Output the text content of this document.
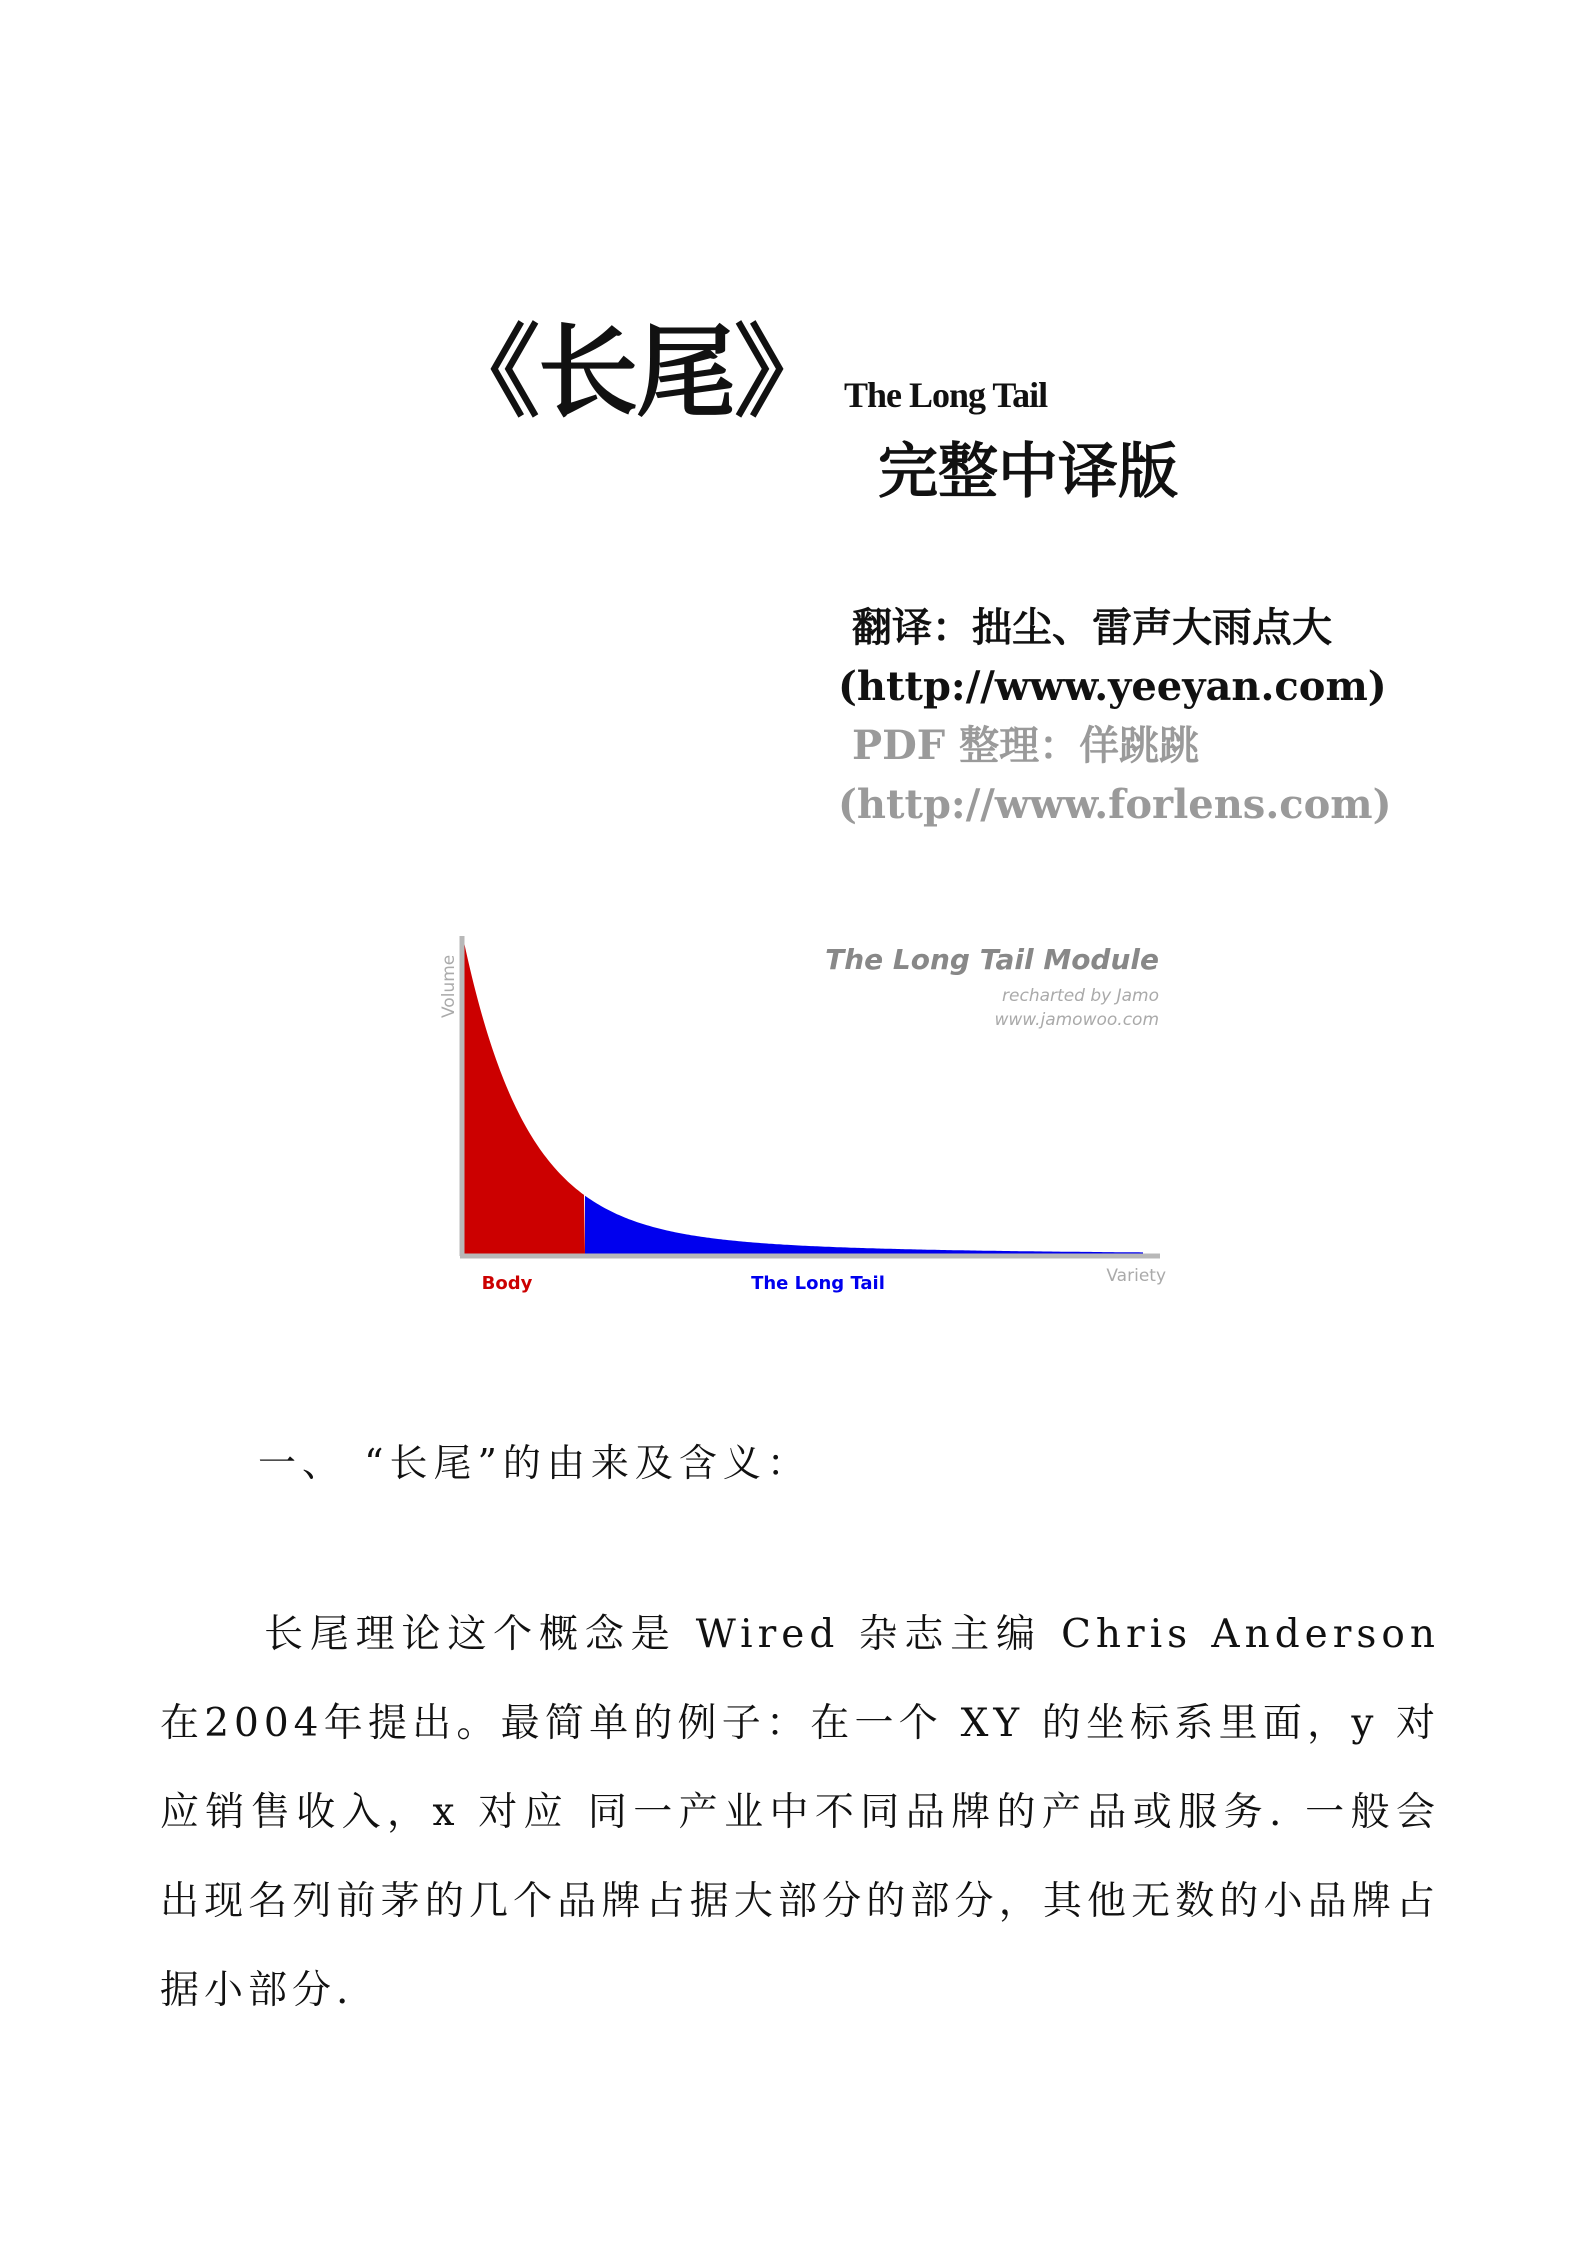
《长尾》 The Long Tail
完整中译版
翻译：拙尘、雷声大雨点大
(http://www.yeeyan.com)
PDF 整理：佯跳跳
(http://www.forlens.com)
Volume
Variety
The Long Tail Module
recharted by Jamo
www.jamowoo.com
Body	The Long Tail
一、 “长尾”的由来及含义：

长尾理论这个概念是 Wired 杂志主编 Chris Anderson 在2004年提出。最简单的例子：在一个 XY 的坐标系里面，y 对应销售收入，x 对应 同一产业中不同品牌的产品或服务. 一般会出现名列前茅的几个品牌占据大部分的部分，其他无数的小品牌占据小部分.
